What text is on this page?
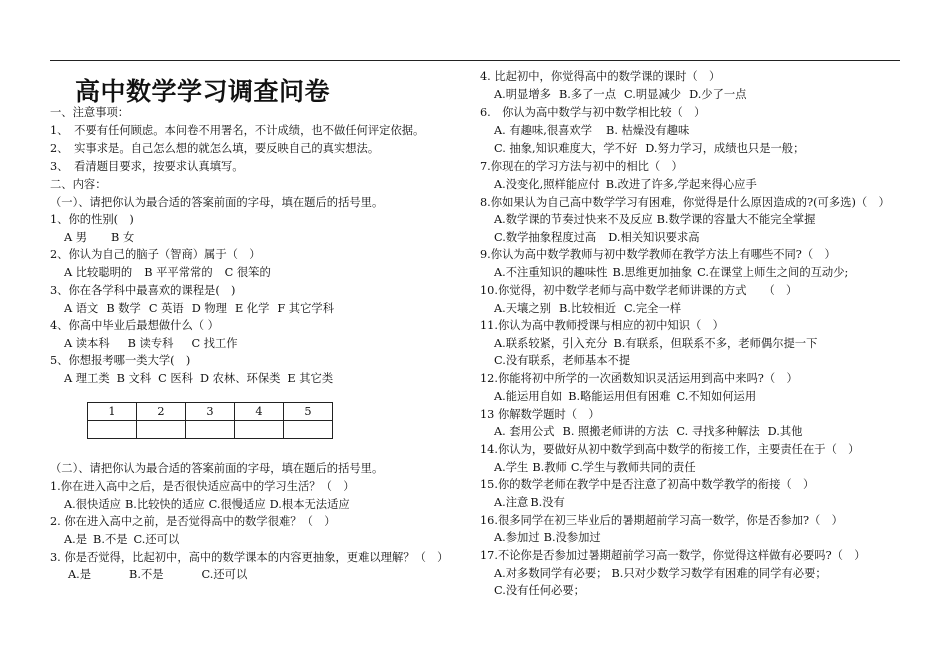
高中数学学习调查问卷
一、注意事项：
1、　不要有任何顾虑。本问卷不用署名，不计成绩，也不做任何评定依据。
2、　实事求是。自己怎么想的就怎么填，要反映自己的真实想法。
3、　看清题目要求，按要求认真填写。
二、内容：
（一）、请把你认为最合适的答案前面的字母，填在题后的括号里。
1、你的性别(　)
A 男 B 女
2、你认为自己的脑子（智商）属于（　）
A 比较聪明的 B 平平常常的 C 很笨的
3、你在各学科中最喜欢的课程是(　)
A 语文 B 数学 C 英语 D 物理 E 化学 F 其它学科
4、你高中毕业后最想做什么（ ）
A 读本科 B 读专科 C 找工作
5、你想报考哪一类大学(　)
A 理工类 B 文科 C 医科 D 农林、环保类 E 其它类
1	2	3	4	5

（二）、请把你认为最合适的答案前面的字母，填在题后的括号里。
1.你在进入高中之后，是否很快适应高中的学习生活？（　）
A.很快适应 B.比较快的适应 C.很慢适应 D.根本无法适应
2. 你在进入高中之前，是否觉得高中的数学很难？（　）
A.是 B.不是 C.还可以
3. 你是否觉得，比起初中，高中的数学课本的内容更抽象，更难以理解？（　）
A.是	B.不是	C.还可以
4. 比起初中，你觉得高中的数学课的课时（　）
A.明显增多 B.多了一点 C.明显减少 D.少了一点
6.　你认为高中数学与初中数学相比较（　）
A. 有趣味,很喜欢学 B. 枯燥没有趣味
C. 抽象,知识难度大，学不好 D.努力学习，成绩也只是一般；
7.你现在的学习方法与初中的相比（　）
A.没变化,照样能应付 B.改进了许多,学起来得心应手
8.你如果认为自己高中数学学习有困难，你觉得是什么原因造成的?(可多选)（　）
A.数学课的节奏过快来不及反应 B.数学课的容量大不能完全掌握
C.数学抽象程度过高 D.相关知识要求高
9.你认为高中数学教师与初中数学教师在教学方法上有哪些不同?（　）
A.不注重知识的趣味性 B.思维更加抽象 C.在课堂上师生之间的互动少;
10.你觉得，初中数学老师与高中数学老师讲课的方式　　（　）
A.天壤之别 B.比较相近 C.完全一样
11.你认为高中教师授课与相应的初中知识（　）
A.联系较紧，引入充分 B.有联系，但联系不多，老师偶尔提一下
C.没有联系，老师基本不提
12.你能将初中所学的一次函数知识灵活运用到高中来吗?（　）
A.能运用自如 B.略能运用但有困难 C.不知如何运用
13 你解数学题时（　）
A. 套用公式 B. 照搬老师讲的方法 C. 寻找多种解法 D.其他
14.你认为，要做好从初中数学到高中数学的衔接工作，主要责任在于（　）
A.学生 B.教师 C.学生与教师共同的责任
15.你的数学老师在教学中是否注意了初高中数学教学的衔接（　）
A.注意 B.没有
16.很多同学在初三毕业后的暑期超前学习高一数学，你是否参加?（　）
A.参加过 B.没参加过
17.不论你是否参加过暑期超前学习高一数学，你觉得这样做有必要吗?（　）
A.对多数同学有必要； B.只对少数学习数学有困难的同学有必要；
C.没有任何必要；
